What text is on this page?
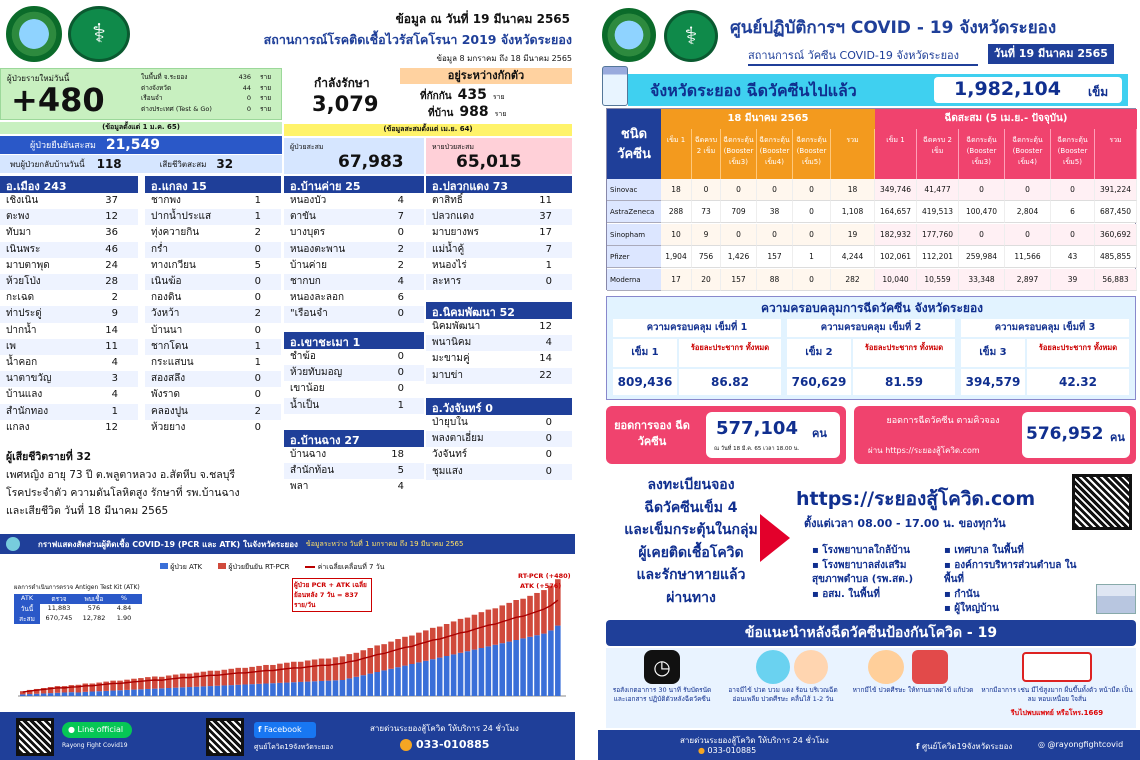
⚕	ข้อมูล ณ วันที่ 19 มีนาคม 2565
สถานการณ์โรคติดเชื้อไวรัสโคโรนา 2019 จังหวัดระยอง
ข้อมูล 8 มกราคม ถึง 18 มีนาคม 2565
ผู้ป่วยรายใหม่วันนี้
+480
ในพื้นที่ จ.ระยอง	436	ราย
ต่างจังหวัด	44	ราย
เรือนจำ	0	ราย
ต่างประเทศ (Test & Go)	0	ราย
กำลังรักษา
3,079
อยู่ระหว่างกักตัว
ที่กักกัน 435 ราย
ที่บ้าน 988 ราย
(ข้อมูลตั้งแต่ 1 ม.ค. 65)	(ข้อมูลสะสมตั้งแต่ เม.ย. 64)
ผู้ป่วยยืนยันสะสม 21,549
พบผู้ป่วยกลับบ้านวันนี้ 118	เสียชีวิตสะสม 32
ผู้ป่วยสะสม
67,983
หายป่วยสะสม
65,015
อ.เมือง 243
เชิงเนิน	37
ตะพง	12
ทับมา	36
เนินพระ	46
มาบตาพุด	24
ห้วยโป่ง	28
กะเฉด	2
ท่าประดู่	9
ปากน้ำ	14
เพ	11
น้ำคอก	4
นาตาขวัญ	3
บ้านแลง	4
สำนักทอง	1
แกลง	12
อ.แกลง 15
ชากพง	1
ปากน้ำประแส	1
ทุ่งควายกิน	2
กร่ำ	0
ทางเกวียน	5
เนินฆ้อ	0
กองดิน	0
วังหว้า	2
บ้านนา	0
ชากโดน	1
กระแสบน	1
สองสลึง	0
พังราด	0
คลองปูน	2
ห้วยยาง	0
อ.บ้านค่าย 25
หนองบัว	4
ตาขัน	7
บางบุตร	0
หนองตะพาน	2
บ้านค่าย	2
ชากบก	4
หนองละลอก	6
"เรือนจำ	0
อ.ปลวกแดง 73
ตาสิทธิ์	11
ปลวกแดง	37
มาบยางพร	17
แม่น้ำคู้	7
หนองไร่	1
ละหาร	0
อ.เขาชะเมา 1
ชำฆ้อ	0
ห้วยทับมอญ	0
เขาน้อย	0
น้ำเป็น	1
อ.นิคมพัฒนา 52
นิคมพัฒนา	12
พนานิคม	4
มะขามคู่	14
มาบข่า	22
อ.บ้านฉาง 27
บ้านฉาง	18
สำนักท้อน	5
พลา	4
อ.วังจันทร์ 0
ป่ายุบใน	0
พลงตาเอี่ยม	0
วังจันทร์	0
ชุมแสง	0
ผู้เสียชีวิตรายที่ 32
เพศหญิง อายุ 73 ปี ต.พลูตาหลวง อ.สัตหีบ จ.ชลบุรี
โรคประจำตัว ความดันโลหิตสูง รักษาที่ รพ.บ้านฉาง
และเสียชีวิต วันที่ 18 มีนาคม 2565
กราฟแสดงสัดส่วนผู้ติดเชื้อ COVID-19 (PCR และ ATK) ในจังหวัดระยอง ข้อมูลระหว่าง วันที่ 1 มกราคม ถึง 19 มีนาคม 2565
ผู้ป่วย ATK	ผู้ป่วยยืนยัน RT-PCR	ค่าเฉลี่ยเคลื่อนที่ 7 วัน
ผลการดำเนินการตรวจ Antigen Test Kit (ATK)
ATK	ตรวจ	พบเชื้อ	%
วันนี้	11,883	576	4.84
สะสม	670,745	12,782	1.90
ผู้ป่วย PCR + ATK เฉลี่ยย้อนหลัง 7 วัน = 837 ราย/วัน
RT-PCR (+480)
ATK (+576)
● Line official
Rayong Fight Covid19
f Facebook
ศูนย์โควิด19จังหวัดระยอง
สายด่วนระยองสู้โควิด ให้บริการ 24 ชั่วโมง
033-010885
⚕	ศูนย์ปฏิบัติการฯ COVID - 19 จังหวัดระยอง
สถานการณ์ วัคซีน COVID-19 จังหวัดระยอง	วันที่ 19 มีนาคม 2565
จังหวัดระยอง ฉีดวัคซีนไปแล้ว	1,982,104 เข็ม
ชนิด วัคซีน
18 มีนาคม 2565	ฉีดสะสม (5 เม.ย.- ปัจจุบัน)
เข็ม 1	ฉีดครบ 2 เข็ม
ฉีดกระตุ้น (Booster เข็ม3)
ฉีดกระตุ้น (Booster เข็ม4)
ฉีดกระตุ้น (Booster เข็ม5)
รวม	เข็ม 1	ฉีดครบ 2 เข็ม
ฉีดกระตุ้น (Booster เข็ม3)
ฉีดกระตุ้น (Booster เข็ม4)
ฉีดกระตุ้น (Booster เข็ม5)
รวม
Sinovac	18	0	0	0	0	18	349,746	41,477	0	0	0	391,224
AstraZeneca	288	73	709	38	0	1,108	164,657	419,513	100,470	2,804	6	687,450
Sinopham	10	9	0	0	0	19	182,932	177,760	0	0	0	360,692
Pfizer	1,904	756	1,426	157	1	4,244	102,061	112,201	259,984	11,566	43	485,855
Moderna	17	20	157	88	0	282	10,040	10,559	33,348	2,897	39	56,883
ความครอบคลุมการฉีดวัคซีน จังหวัดระยอง
ความครอบคลุม เข็มที่ 1
เข็ม 1	ร้อยละประชากร ทั้งหมด
809,436	86.82
ความครอบคลุม เข็มที่ 2
เข็ม 2	ร้อยละประชากร ทั้งหมด
760,629	81.59
ความครอบคลุม เข็มที่ 3
เข็ม 3	ร้อยละประชากร ทั้งหมด
394,579	42.32
ยอดการจอง ฉีดวัคซีน
577,104 คน
ณ วันที่ 18 มี.ค. 65 เวลา 18.00 น.
ยอดการฉีดวัคซีน ตามคิวจอง
ผ่าน https://ระยองสู้โควิด.com
576,952 คน
ลงทะเบียนจอง
ฉีดวัคซีนเข็ม 4
และเข็มกระตุ้นในกลุ่ม
ผู้เคยติดเชื้อโควิด
และรักษาหายแล้ว
ผ่านทาง
https://ระยองสู้โควิด.com
ตั้งแต่เวลา 08.00 - 17.00 น. ของทุกวัน
▪ โรงพยาบาลใกล้บ้าน
▪ โรงพยาบาลส่งเสริม สุขภาพตำบล (รพ.สต.)
▪ อสม. ในพื้นที่
▪ เทศบาล ในพื้นที่
▪ องค์การบริหารส่วนตำบล ในพื้นที่
▪ กำนัน
▪ ผู้ใหญ่บ้าน
ข้อแนะนำหลังฉีดวัคซีนป้องกันโควิด - 19
◷
รอสังเกตอาการ 30 นาที รับบัตรนัดและเอกสาร ปฏิบัติตัวหลังฉีดวัคซีน
อาจมีไข้ ปวด บวม แดง ร้อน บริเวณฉีด อ่อนเพลีย ปวดศีรษะ คลื่นไส้ 1-2 วัน
หากมีไข้ ปวดศีรษะ ให้ทานยาลดไข้ แก้ปวด	หากมีอาการ เช่น มีไข้สูงมาก ผื่นขึ้นทั้งตัว หน้ามืด เป็นลม หอบเหนื่อย ใจสั่น
รีบไปพบแพทย์ หรือโทร.1669
สายด่วนระยองสู้โควิด ให้บริการ 24 ชั่วโมง
● 033-010885	f ศูนย์โควิด19จังหวัดระยอง	◎ @rayongfightcovid
